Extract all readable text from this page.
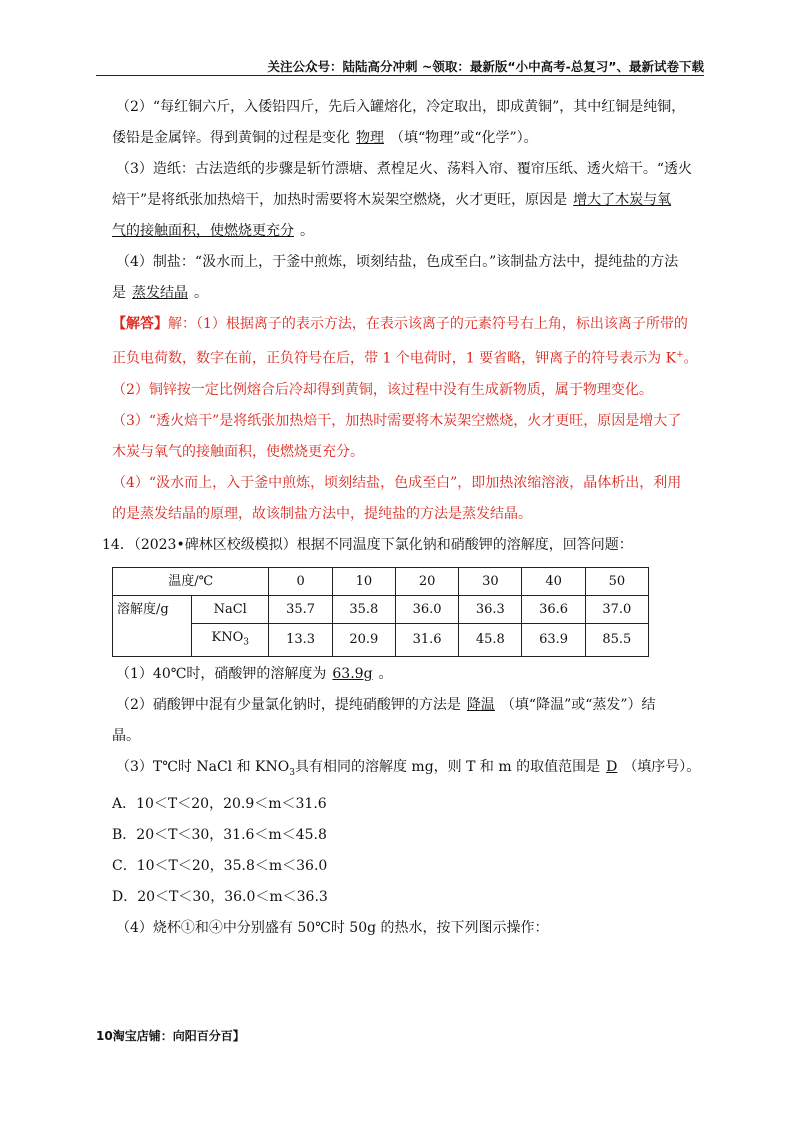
关注公众号：陆陆高分冲刺 ~领取：最新版“小中高考-总复习”、最新试卷下载

（2）“每红铜六斤，入倭铅四斤，先后入罐熔化，冷定取出，即成黄铜”，其中红铜是纯铜，

倭铅是金属锌。得到黄铜的过程是变化 物理 （填“物理”或“化学”）。

（3）造纸：古法造纸的步骤是斩竹漂塘、煮楻足火、荡料入帘、覆帘压纸、透火焙干。“透火

焙干”是将纸张加热焙干，加热时需要将木炭架空燃烧，火才更旺，原因是 增大了木炭与氧

气的接触面积，使燃烧更充分 。

（4）制盐：“汲水而上，于釜中煎炼，顷刻结盐，色成至白。”该制盐方法中，提纯盐的方法

是 蒸发结晶 。

【解答】解：（1）根据离子的表示方法，在表示该离子的元素符号右上角，标出该离子所带的

正负电荷数，数字在前，正负符号在后，带 1 个电荷时，1 要省略，钾离子的符号表示为 K+。

（2）铜锌按一定比例熔合后冷却得到黄铜，该过程中没有生成新物质，属于物理变化。

（3）“透火焙干”是将纸张加热焙干，加热时需要将木炭架空燃烧，火才更旺，原因是增大了

木炭与氧气的接触面积，使燃烧更充分。

（4）“汲水而上，入于釜中煎炼，顷刻结盐，色成至白”，即加热浓缩溶液，晶体析出，利用

的是蒸发结晶的原理，故该制盐方法中，提纯盐的方法是蒸发结晶。

14．（2023•碑林区校级模拟）根据不同温度下氯化钠和硝酸钾的溶解度，回答问题：

温度/℃		0	10	20	30	40	50
溶解度/g	NaCl	35.7	35.8	36.0	36.3	36.6	37.0
	$KNO_3$	13.3	20.9	31.6	45.8	63.9	85.5

（1）40℃时，硝酸钾的溶解度为 63.9g 。

（2）硝酸钾中混有少量氯化钠时，提纯硝酸钾的方法是 降温 （填“降温”或“蒸发”）结

晶。

（3）T℃时 NaCl 和 $KNO_3$具有相同的溶解度 mg，则 T 和 m 的取值范围是 D （填序号）。

A．10＜T＜20，20.9＜m＜31.6

B．20＜T＜30，31.6＜m＜45.8

C．10＜T＜20，35.8＜m＜36.0

D．20＜T＜30，36.0＜m＜36.3

（4）烧杯①和④中分别盛有 50℃时 50g 的热水，按下列图示操作：

10淘宝店铺：向阳百分百】
